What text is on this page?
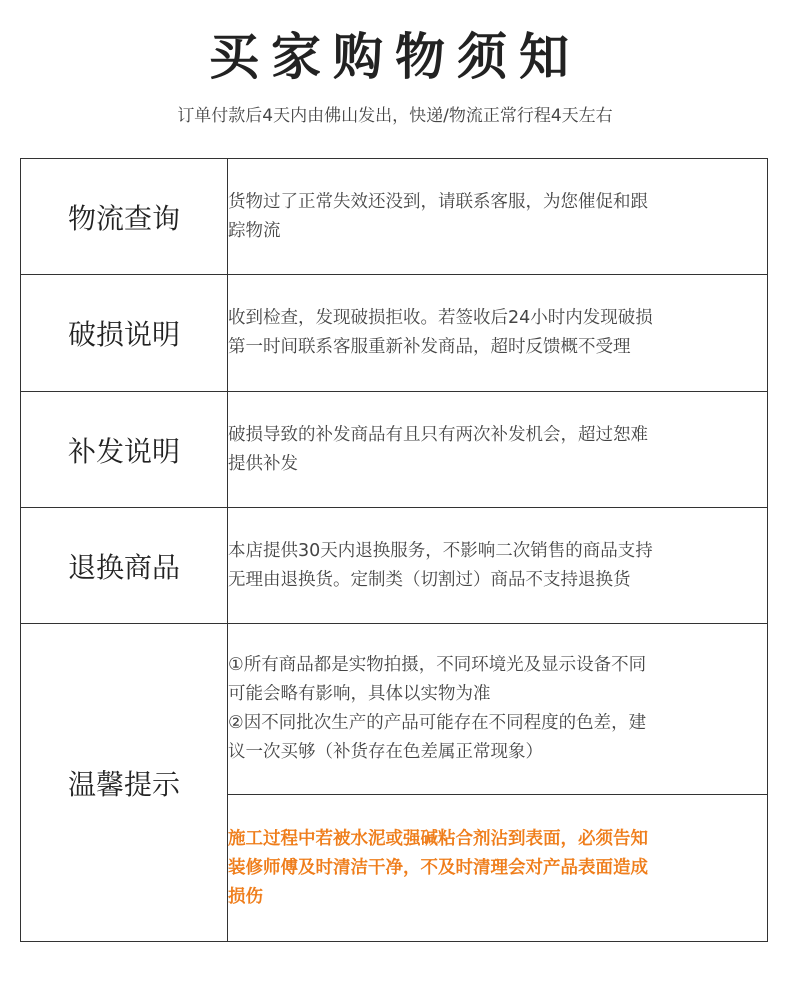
买家购物须知
订单付款后4天内由佛山发出，快递/物流正常行程4天左右
物流查询	货物过了正常失效还没到，请联系客服，为您催促和跟
踪物流

破损说明	收到检查，发现破损拒收。若签收后24小时内发现破损
第一时间联系客服重新补发商品，超时反馈概不受理

补发说明	破损导致的补发商品有且只有两次补发机会，超过恕难
提供补发

退换商品	本店提供30天内退换服务，不影响二次销售的商品支持
无理由退换货。定制类（切割过）商品不支持退换货

温馨提示	①所有商品都是实物拍摄，不同环境光及显示设备不同
可能会略有影响，具体以实物为准
②因不同批次生产的产品可能存在不同程度的色差，建
议一次买够（补货存在色差属正常现象）

	施工过程中若被水泥或强碱粘合剂沾到表面，必须告知
装修师傅及时清洁干净，不及时清理会对产品表面造成
损伤
